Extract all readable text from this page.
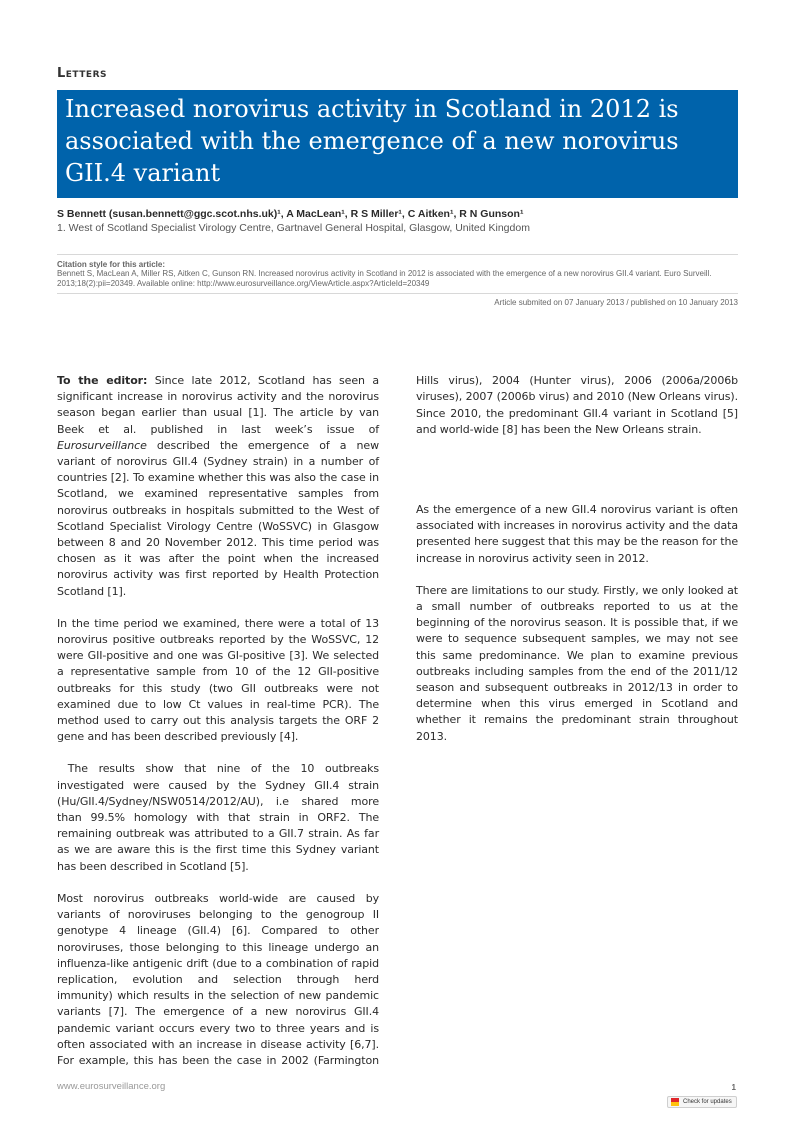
Letters
Increased norovirus activity in Scotland in 2012 is associated with the emergence of a new norovirus GII.4 variant
S Bennett (susan.bennett@ggc.scot.nhs.uk)¹, A MacLean¹, R S Miller¹, C Aitken¹, R N Gunson¹
1. West of Scotland Specialist Virology Centre, Gartnavel General Hospital, Glasgow, United Kingdom
Citation style for this article:
Bennett S, MacLean A, Miller RS, Aitken C, Gunson RN. Increased norovirus activity in Scotland in 2012 is associated with the emergence of a new norovirus GII.4 variant. Euro Surveill. 2013;18(2):pii=20349. Available online: http://www.eurosurveillance.org/ViewArticle.aspx?ArticleId=20349
Article submited on 07 January 2013 / published on 10 January 2013

To the editor: Since late 2012, Scotland has seen a significant increase in norovirus activity and the norovirus season began earlier than usual [1]. The article by van Beek et al. published in last week’s issue of Eurosurveillance described the emergence of a new variant of norovirus GII.4 (Sydney strain) in a number of countries [2]. To examine whether this was also the case in Scotland, we examined representative samples from norovirus outbreaks in hospitals submitted to the West of Scotland Specialist Virology Centre (WoSSVC) in Glasgow between 8 and 20 November 2012. This time period was chosen as it was after the point when the increased norovirus activity was first reported by Health Protection Scotland [1].

In the time period we examined, there were a total of 13 norovirus positive outbreaks reported by the WoSSVC, 12 were GII-positive and one was GI-positive [3]. We selected a representative sample from 10 of the 12 GII-positive outbreaks for this study (two GII outbreaks were not examined due to low Ct values in real-time PCR). The method used to carry out this analysis targets the ORF 2 gene and has been described previously [4].

The results show that nine of the 10 outbreaks investigated were caused by the Sydney GII.4 strain (Hu/GII.4/Sydney/NSW0514/2012/AU), i.e shared more than 99.5% homology with that strain in ORF2. The remaining outbreak was attributed to a GII.7 strain. As far as we are aware this is the first time this Sydney variant has been described in Scotland [5].

Most norovirus outbreaks world-wide are caused by variants of noroviruses belonging to the genogroup II genotype 4 lineage (GII.4) [6]. Compared to other noroviruses, those belonging to this lineage undergo an influenza-like antigenic drift (due to a combination of rapid replication, evolution and selection through herd immunity) which results in the selection of new pandemic variants [7]. The emergence of a new norovirus GII.4 pandemic variant occurs every two to three years and is often associated with an increase in disease activity [6,7]. For example, this has been the case in 2002 (Farmington

Hills virus), 2004 (Hunter virus), 2006 (2006a/2006b viruses), 2007 (2006b virus) and 2010 (New Orleans virus). Since 2010, the predominant GII.4 variant in Scotland [5] and world-wide [8] has been the New Orleans strain.

As the emergence of a new GII.4 norovirus variant is often associated with increases in norovirus activity and the data presented here suggest that this may be the reason for the increase in norovirus activity seen in 2012.

There are limitations to our study. Firstly, we only looked at a small number of outbreaks reported to us at the beginning of the norovirus season. It is possible that, if we were to sequence subsequent samples, we may not see this same predominance. We plan to examine previous outbreaks including samples from the end of the 2011/12 season and subsequent outbreaks in 2012/13 in order to determine when this virus emerged in Scotland and whether it remains the predominant strain throughout 2013.

www.eurosurveillance.org	1
Check for updates
